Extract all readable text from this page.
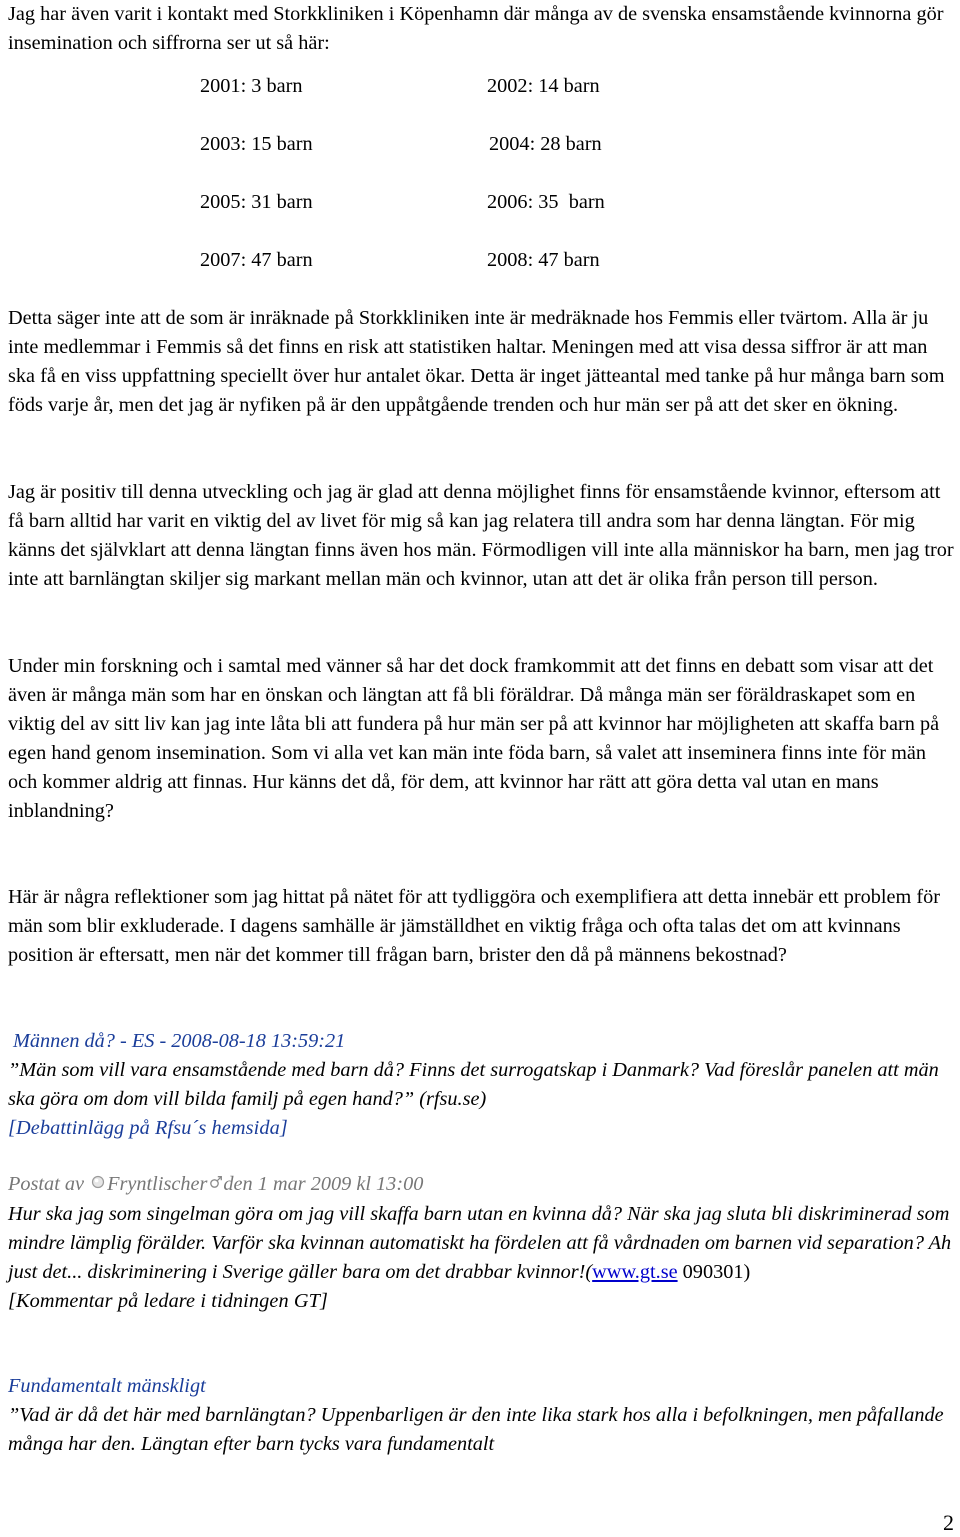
Jag har även varit i kontakt med Storkkliniken i Köpenhamn där många av de svenska ensamstående kvinnorna gör insemination och siffrorna ser ut så här:

2001: 3 barn	2002: 14 barn
2003: 15 barn	2004: 28 barn
2005: 31 barn	2006: 35  barn
2007: 47 barn	2008: 47 barn

Detta säger inte att de som är inräknade på Storkkliniken inte är medräknade hos Femmis eller tvärtom. Alla är ju inte medlemmar i Femmis så det finns en risk att statistiken haltar. Meningen med att visa dessa siffror är att man ska få en viss uppfattning speciellt över hur antalet ökar. Detta är inget jätteantal med tanke på hur många barn som föds varje år, men det jag är nyfiken på är den uppåtgående trenden och hur män ser på att det sker en ökning.

Jag är positiv till denna utveckling och jag är glad att denna möjlighet finns för ensamstående kvinnor, eftersom att få barn alltid har varit en viktig del av livet för mig så kan jag relatera till andra som har denna längtan. För mig känns det självklart att denna längtan finns även hos män. Förmodligen vill inte alla människor ha barn, men jag tror inte att barnlängtan skiljer sig markant mellan män och kvinnor, utan att det är olika från person till person.

Under min forskning och i samtal med vänner så har det dock framkommit att det finns en debatt som visar att det även är många män som har en önskan och längtan att få bli föräldrar. Då många män ser föräldraskapet som en viktig del av sitt liv kan jag inte låta bli att fundera på hur män ser på att kvinnor har möjligheten att skaffa barn på egen hand genom insemination. Som vi alla vet kan män inte föda barn, så valet att inseminera finns inte för män och kommer aldrig att finnas. Hur känns det då, för dem, att kvinnor har rätt att göra detta val utan en mans inblandning?

Här är några reflektioner som jag hittat på nätet för att tydliggöra och exemplifiera att detta innebär ett problem för män som blir exkluderade. I dagens samhälle är jämställdhet en viktig fråga och ofta talas det om att kvinnans position är eftersatt, men när det kommer till frågan barn, brister den då på männens bekostnad?

Männen då? - ES - 2008-08-18 13:59:21

”Män som vill vara ensamstående med barn då? Finns det surrogatskap i Danmark? Vad föreslår panelen att män ska göra om dom vill bilda familj på egen hand?” (rfsu.se)

[Debattinlägg på Rfsu´s hemsida]

Postat av Fryntlischer den 1 mar 2009 kl 13:00

Hur ska jag som singelman göra om jag vill skaffa barn utan en kvinna då? När ska jag sluta bli diskriminerad som mindre lämplig förälder. Varför ska kvinnan automatiskt ha fördelen att få vårdnaden om barnen vid separation? Ah just det... diskriminering i Sverige gäller bara om det drabbar kvinnor!(www.gt.se 090301)

[Kommentar på ledare i tidningen GT]

Fundamentalt mänskligt

”Vad är då det här med barnlängtan? Uppenbarligen är den inte lika stark hos alla i befolkningen, men påfallande många har den. Längtan efter barn tycks vara fundamentalt

2
